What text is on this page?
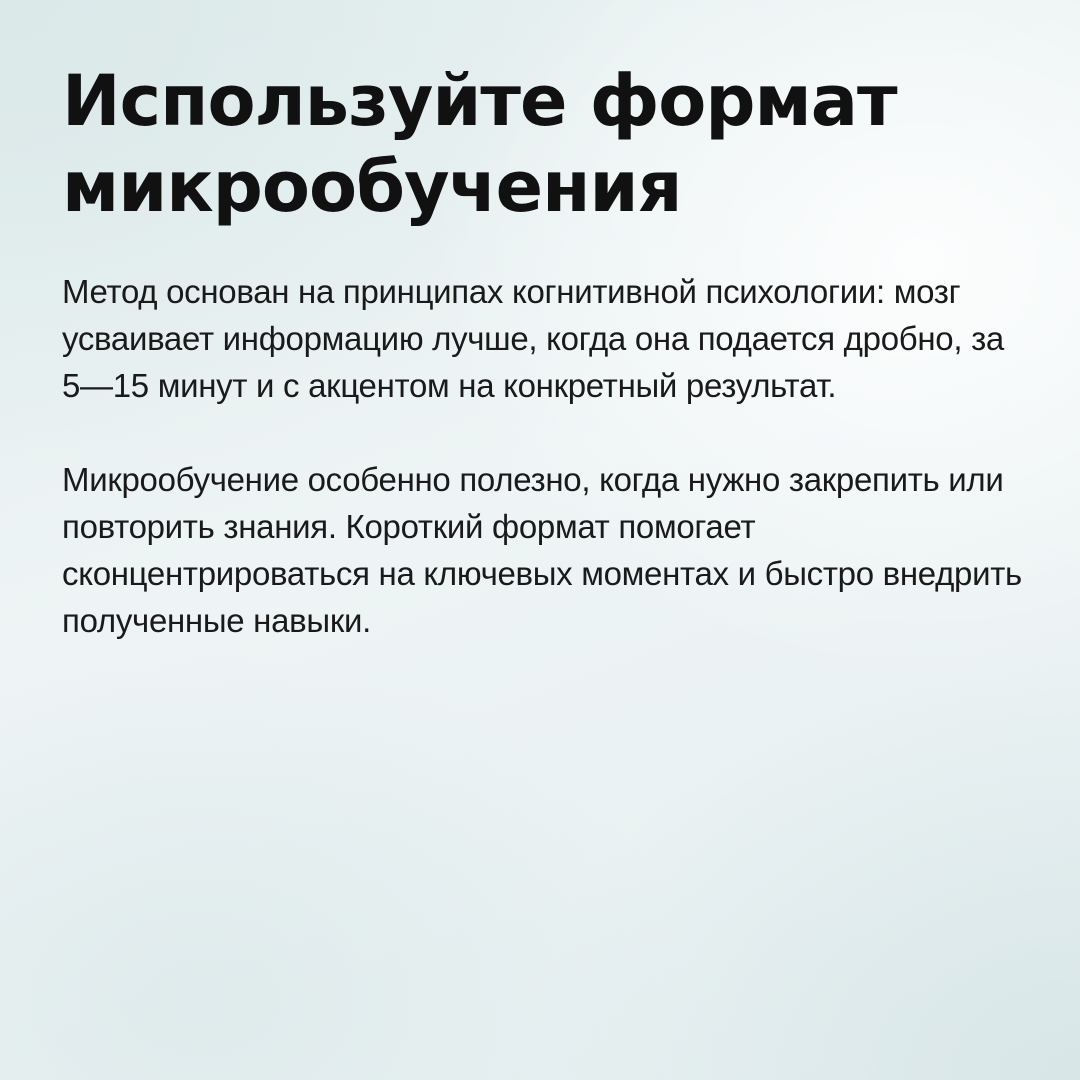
Используйте формат
микрообучения

Метод основан на принципах когнитивной психологии: мозг усваивает информацию лучше, когда она подается дробно, за 5—15 минут и с акцентом на конкретный результат.

Микрообучение особенно полезно, когда нужно закрепить или повторить знания. Короткий формат помогает сконцентрироваться на ключевых моментах и быстро внедрить полученные навыки.
